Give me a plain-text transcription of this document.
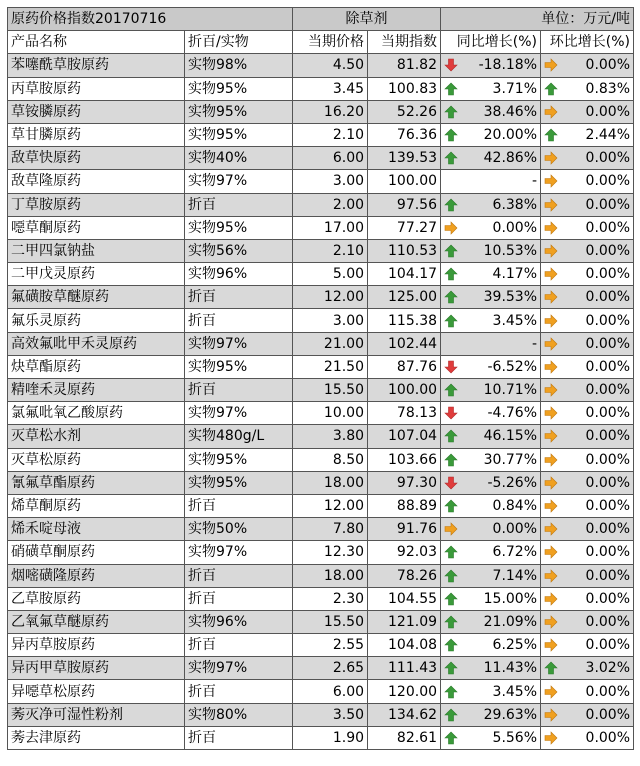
原药价格指数20170716		除草剂		单位：万元/吨	
产品名称	折百/实物	当期价格	当期指数	同比增长(%)	环比增长(%)
苯噻酰草胺原药	实物98%	4.50	81.82	-18.18%	0.00%

丙草胺原药	实物95%	3.45	100.83	3.71%	0.83%

草铵膦原药	实物95%	16.20	52.26	38.46%	0.00%

草甘膦原药	实物95%	2.10	76.36	20.00%	2.44%

敌草快原药	实物40%	6.00	139.53	42.86%	0.00%

敌草隆原药	实物97%	3.00	100.00	-	0.00%

丁草胺原药	折百	2.00	97.56	6.38%	0.00%

噁草酮原药	实物95%	17.00	77.27	0.00%	0.00%

二甲四氯钠盐	实物56%	2.10	110.53	10.53%	0.00%

二甲戊灵原药	实物96%	5.00	104.17	4.17%	0.00%

氟磺胺草醚原药	折百	12.00	125.00	39.53%	0.00%

氟乐灵原药	折百	3.00	115.38	3.45%	0.00%

高效氟吡甲禾灵原药	实物97%	21.00	102.44	-	0.00%

炔草酯原药	实物95%	21.50	87.76	-6.52%	0.00%

精喹禾灵原药	折百	15.50	100.00	10.71%	0.00%

氯氟吡氧乙酸原药	实物97%	10.00	78.13	-4.76%	0.00%

灭草松水剂	实物480g/L	3.80	107.04	46.15%	0.00%

灭草松原药	实物95%	8.50	103.66	30.77%	0.00%

氰氟草酯原药	实物95%	18.00	97.30	-5.26%	0.00%

烯草酮原药	折百	12.00	88.89	0.84%	0.00%

烯禾啶母液	实物50%	7.80	91.76	0.00%	0.00%

硝磺草酮原药	实物97%	12.30	92.03	6.72%	0.00%

烟嘧磺隆原药	折百	18.00	78.26	7.14%	0.00%

乙草胺原药	折百	2.30	104.55	15.00%	0.00%

乙氧氟草醚原药	实物96%	15.50	121.09	21.09%	0.00%

异丙草胺原药	折百	2.55	104.08	6.25%	0.00%

异丙甲草胺原药	实物97%	2.65	111.43	11.43%	3.02%

异噁草松原药	折百	6.00	120.00	3.45%	0.00%

莠灭净可湿性粉剂	实物80%	3.50	134.62	29.63%	0.00%

莠去津原药	折百	1.90	82.61	5.56%	0.00%
